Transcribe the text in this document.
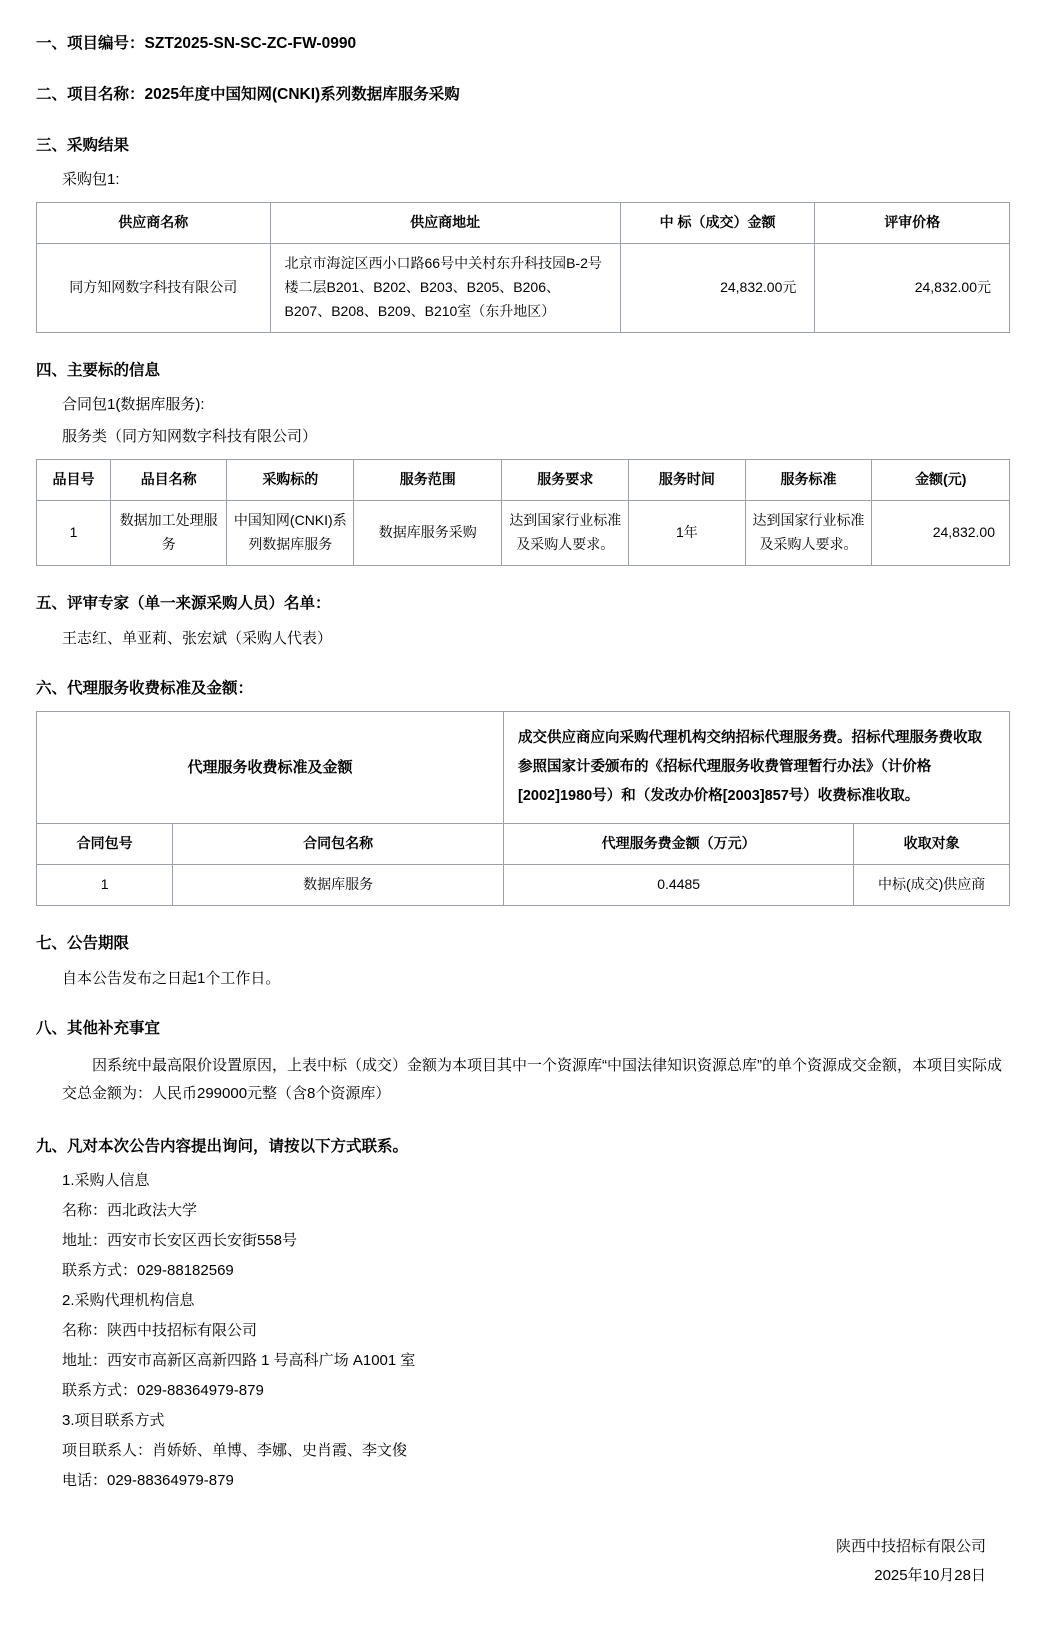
一、项目编号：SZT2025-SN-SC-ZC-FW-0990
二、项目名称：2025年度中国知网(CNKI)系列数据库服务采购
三、采购结果
采购包1:
供应商名称	供应商地址	中 标（成交）金额	评审价格
同方知网数字科技有限公司	北京市海淀区西小口路66号中关村东升科技园B-2号楼二层B201、B202、B203、B205、B206、B207、B208、B209、B210室（东升地区）	24,832.00元	24,832.00元
四、主要标的信息
合同包1(数据库服务):
服务类（同方知网数字科技有限公司）
品目号	品目名称	采购标的	服务范围	服务要求	服务时间	服务标准	金额(元)
1	数据加工处理服务	中国知网(CNKI)系列数据库服务	数据库服务采购	达到国家行业标准及采购人要求。	1年	达到国家行业标准及采购人要求。	24,832.00
五、评审专家（单一来源采购人员）名单：
王志红、单亚莉、张宏斌（采购人代表）
六、代理服务收费标准及金额：
代理服务收费标准及金额		成交供应商应向采购代理机构交纳招标代理服务费。招标代理服务费收取参照国家计委颁布的《招标代理服务收费管理暂行办法》（计价格[2002]1980号）和（发改办价格[2003]857号）收费标准收取。	
合同包号	合同包名称	代理服务费金额（万元）	收取对象
1	数据库服务	0.4485	中标(成交)供应商
七、公告期限
自本公告发布之日起1个工作日。
八、其他补充事宜
因系统中最高限价设置原因，上表中标（成交）金额为本项目其中一个资源库“中国法律知识资源总库”的单个资源成交金额，本项目实际成交总金额为：人民币299000元整（含8个资源库）
九、凡对本次公告内容提出询问，请按以下方式联系。
1.采购人信息
名称：西北政法大学
地址：西安市长安区西长安街558号
联系方式：029-88182569
2.采购代理机构信息
名称：陕西中技招标有限公司
地址：西安市高新区高新四路 1 号高科广场 A1001 室
联系方式：029-88364979-879
3.项目联系方式
项目联系人：肖娇娇、单博、李娜、史肖霞、李文俊
电话：029-88364979-879
陕西中技招标有限公司
2025年10月28日
